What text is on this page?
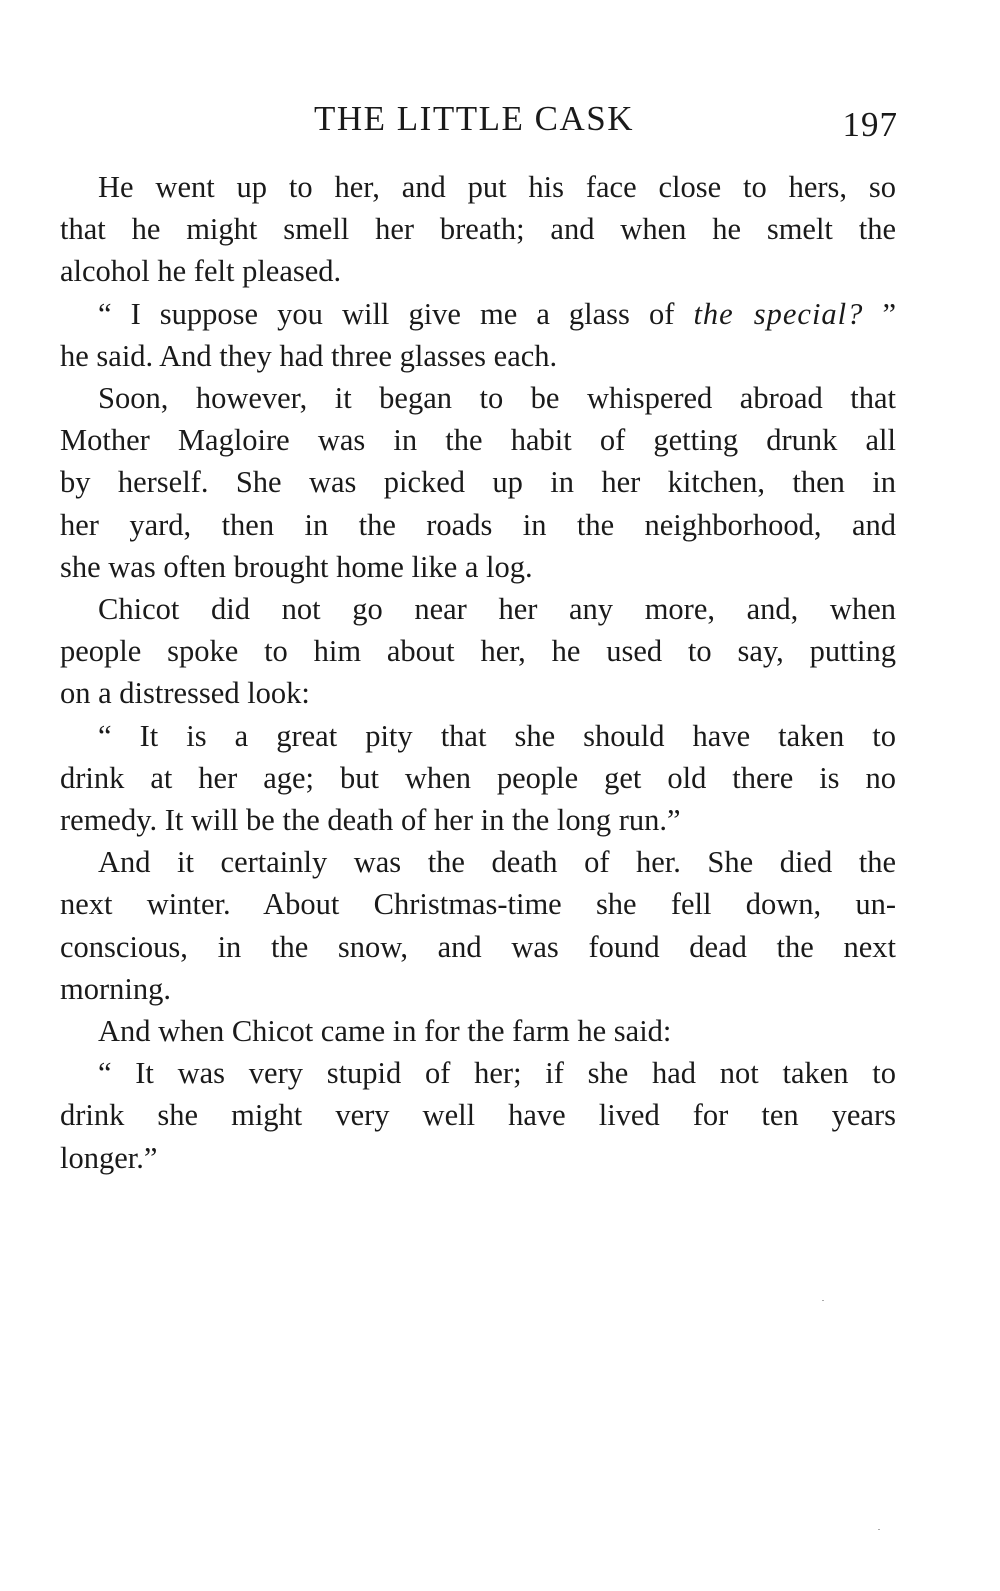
THE LITTLE CASK	197
He went up to her, and put his face close to hers, so
that he might smell her breath; and when he smelt the
alcohol he felt pleased.
“ I suppose you will give me a glass of the special? ”
he said. And they had three glasses each.
Soon, however, it began to be whispered abroad that
Mother Magloire was in the habit of getting drunk all
by herself. She was picked up in her kitchen, then in
her yard, then in the roads in the neighborhood, and
she was often brought home like a log.
Chicot did not go near her any more, and, when
people spoke to him about her, he used to say, putting
on a distressed look:
“ It is a great pity that she should have taken to
drink at her age; but when people get old there is no
remedy. It will be the death of her in the long run.”
And it certainly was the death of her. She died the
next winter. About Christmas-time she fell down, un-
conscious, in the snow, and was found dead the next
morning.
And when Chicot came in for the farm he said:
“ It was very stupid of her; if she had not taken to
drink she might very well have lived for ten years
longer.”
